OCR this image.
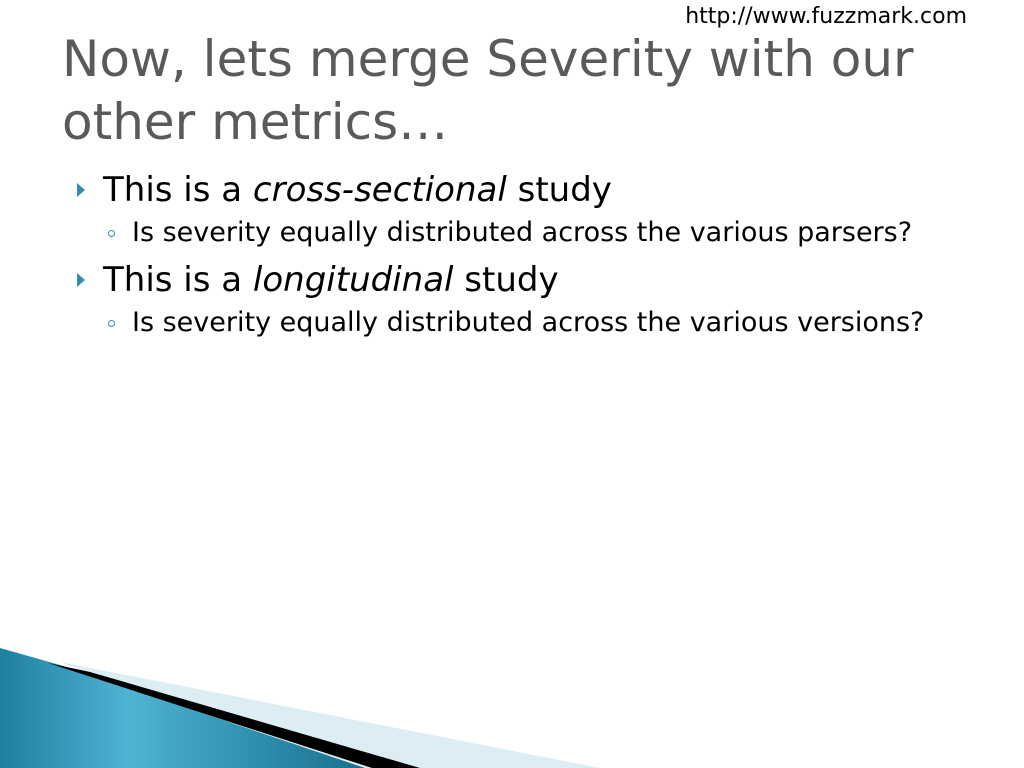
http://www.fuzzmark.com
Now, lets merge Severity with our other metrics…
This is a cross-sectional study
Is severity equally distributed across the various parsers?
This is a longitudinal study
Is severity equally distributed across the various versions?
